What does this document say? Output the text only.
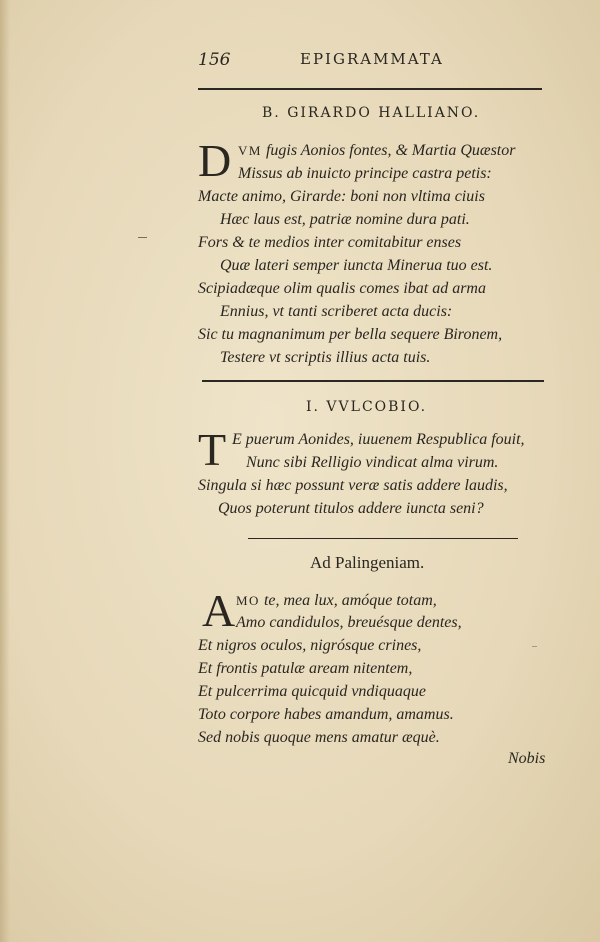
156	EPIGRAMMATA
B. GIRARDO HALLIANO.
D VM fugis Aonios fontes, & Martia Quæstor
Missus ab inuicto principe castra petis:
Macte animo, Girarde: boni non vltima ciuis
Hæc laus est, patriæ nomine dura pati.
Fors & te medios inter comitabitur enses
Quæ lateri semper iuncta Minerua tuo est.
Scipiadæque olim qualis comes ibat ad arma
Ennius, vt tanti scriberet acta ducis:
Sic tu magnanimum per bella sequere Bironem,
Testere vt scriptis illius acta tuis.
I. VVLCOBIO.
T E puerum Aonides, iuuenem Respublica fouit,
Nunc sibi Relligio vindicat alma virum.
Singula si hæc possunt veræ satis addere laudis,
Quos poterunt titulos addere iuncta seni?
Ad Palingeniam.
A MO te, mea lux, amóque totam,
Amo candidulos, breuésque dentes,
Et nigros oculos, nigrósque crines,
Et frontis patulæ aream nitentem,
Et pulcerrima quicquid vndiquaque
Toto corpore habes amandum, amamus.
Sed nobis quoque mens amatur æquè.
Nobis
